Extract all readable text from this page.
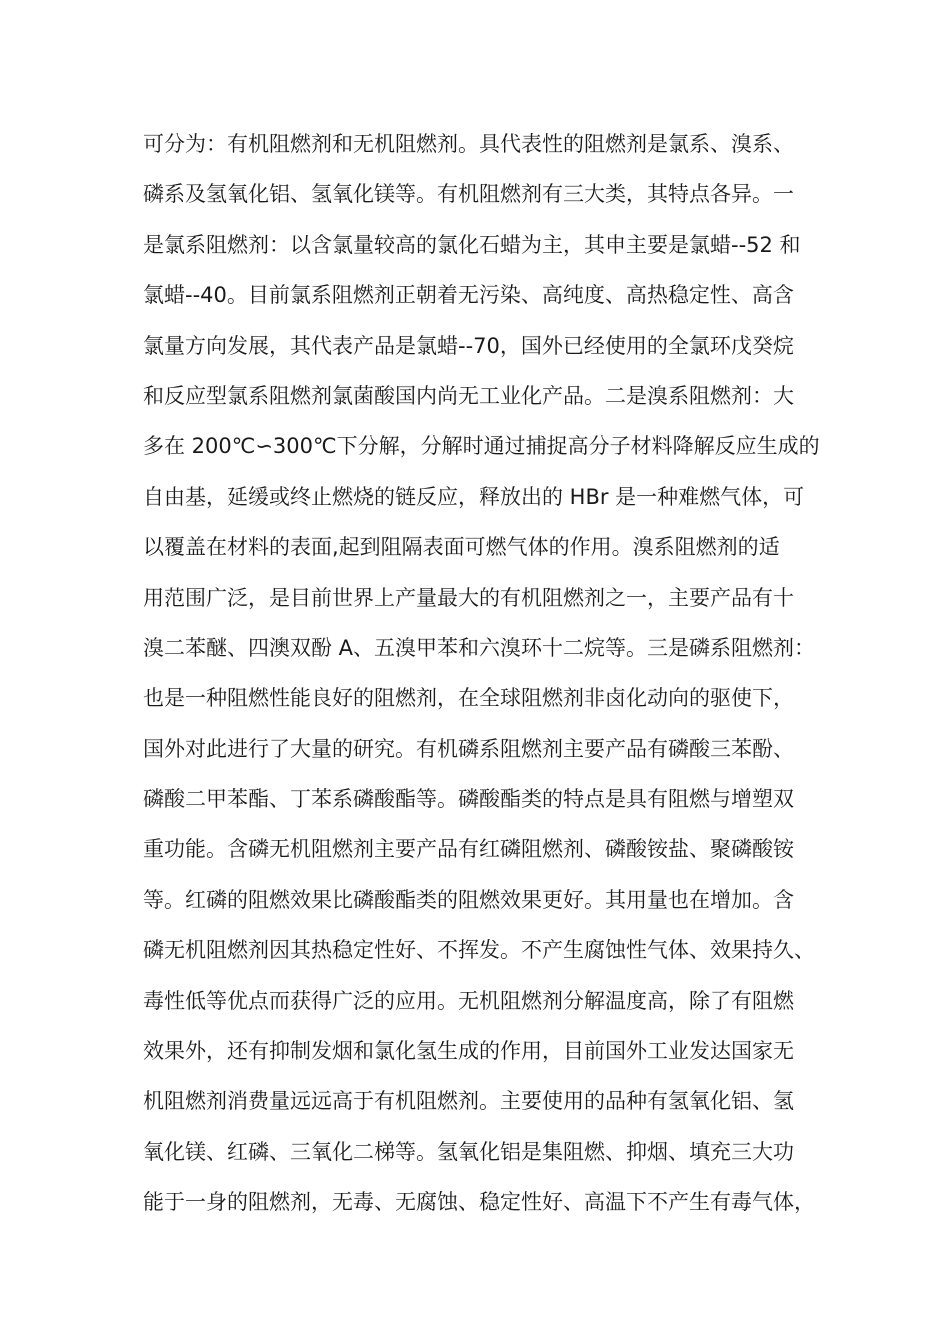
可分为：有机阻燃剂和无机阻燃剂。具代表性的阻燃剂是氯系、溴系、
磷系及氢氧化铝、氢氧化镁等。有机阻燃剂有三大类，其特点各异。一
是氯系阻燃剂：以含氯量较高的氯化石蜡为主，其申主要是氯蜡--52 和
氯蜡--40。目前氯系阻燃剂正朝着无污染、高纯度、高热稳定性、高含
氯量方向发展，其代表产品是氯蜡--70，国外已经使用的全氯环戊癸烷
和反应型氯系阻燃剂氯菌酸国内尚无工业化产品。二是溴系阻燃剂：大
多在 200℃∽300℃下分解，分解时通过捕捉高分子材料降解反应生成的
自由基，延缓或终止燃烧的链反应，释放出的 HBr 是一种难燃气体，可
以覆盖在材料的表面,起到阻隔表面可燃气体的作用。溴系阻燃剂的适
用范围广泛，是目前世界上产量最大的有机阻燃剂之一，主要产品有十
溴二苯醚、四澳双酚 A、五溴甲苯和六溴环十二烷等。三是磷系阻燃剂：
也是一种阻燃性能良好的阻燃剂，在全球阻燃剂非卤化动向的驱使下，
国外对此进行了大量的研究。有机磷系阻燃剂主要产品有磷酸三苯酚、
磷酸二甲苯酯、丁苯系磷酸酯等。磷酸酯类的特点是具有阻燃与增塑双
重功能。含磷无机阻燃剂主要产品有红磷阻燃剂、磷酸铵盐、聚磷酸铵
等。红磷的阻燃效果比磷酸酯类的阻燃效果更好。其用量也在增加。含
磷无机阻燃剂因其热稳定性好、不挥发。不产生腐蚀性气体、效果持久、
毒性低等优点而获得广泛的应用。无机阻燃剂分解温度高，除了有阻燃
效果外，还有抑制发烟和氯化氢生成的作用，目前国外工业发达国家无
机阻燃剂消费量远远高于有机阻燃剂。主要使用的品种有氢氧化铝、氢
氧化镁、红磷、三氧化二梯等。氢氧化铝是集阻燃、抑烟、填充三大功
能于一身的阻燃剂，无毒、无腐蚀、稳定性好、高温下不产生有毒气体，
